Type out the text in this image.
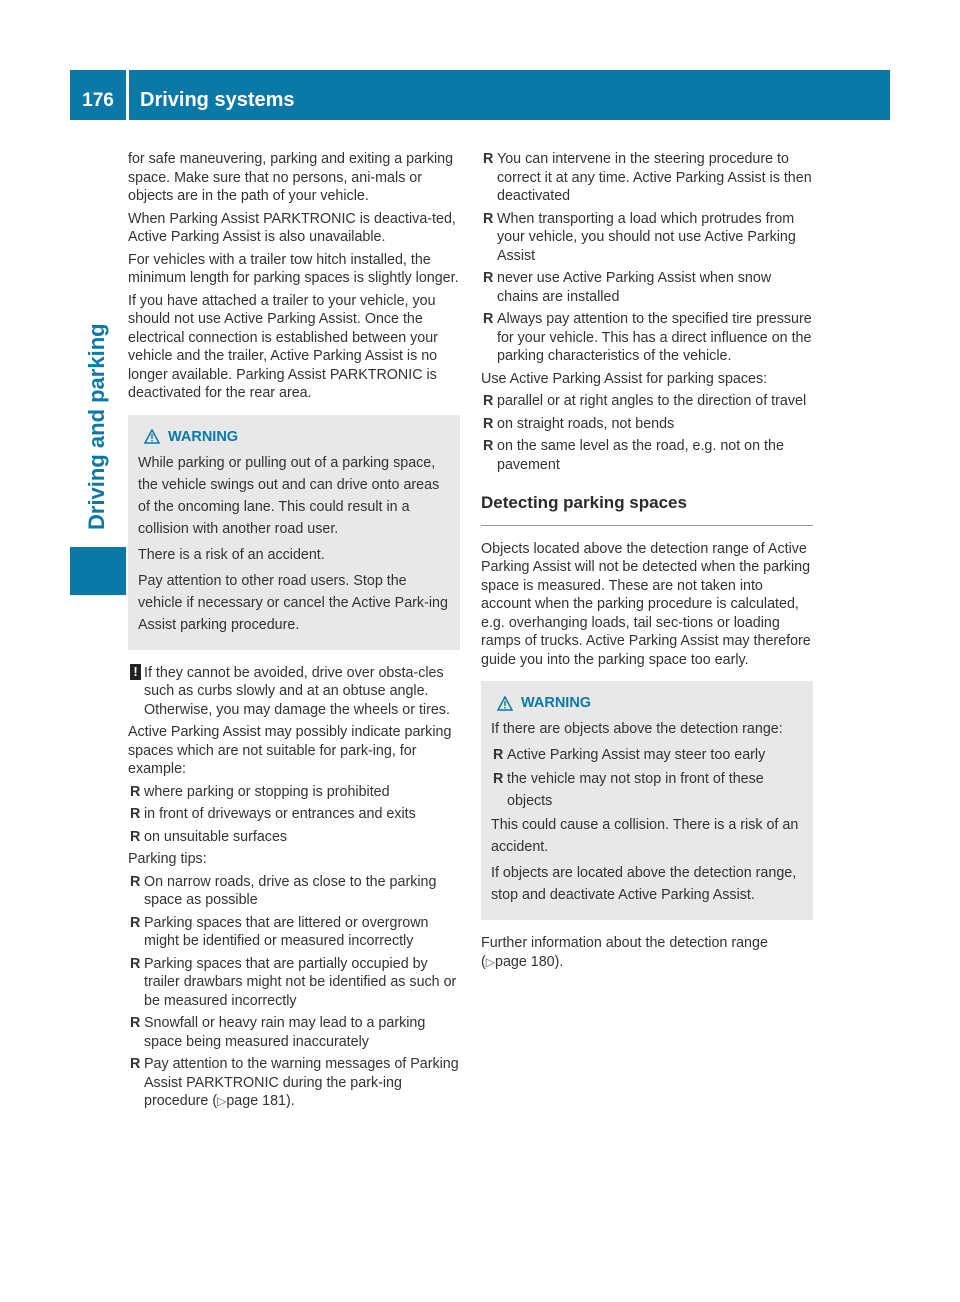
176	Driving systems
Driving and parking

for safe maneuvering, parking and exiting a parking space. Make sure that no persons, ani-mals or objects are in the path of your vehicle.

When Parking Assist PARKTRONIC is deactiva-ted, Active Parking Assist is also unavailable.

For vehicles with a trailer tow hitch installed, the minimum length for parking spaces is slightly longer.

If you have attached a trailer to your vehicle, you should not use Active Parking Assist. Once the electrical connection is established between your vehicle and the trailer, Active Parking Assist is no longer available. Parking Assist PARKTRONIC is deactivated for the rear area.

WARNING

While parking or pulling out of a parking space, the vehicle swings out and can drive onto areas of the oncoming lane. This could result in a collision with another road user.

There is a risk of an accident.

Pay attention to other road users. Stop the vehicle if necessary or cancel the Active Park-ing Assist parking procedure.

! If they cannot be avoided, drive over obsta-cles such as curbs slowly and at an obtuse angle. Otherwise, you may damage the wheels or tires.

Active Parking Assist may possibly indicate parking spaces which are not suitable for park-ing, for example:

R where parking or stopping is prohibited
R in front of driveways or entrances and exits
R on unsuitable surfaces

Parking tips:

R On narrow roads, drive as close to the parking space as possible
R Parking spaces that are littered or overgrown might be identified or measured incorrectly
R Parking spaces that are partially occupied by trailer drawbars might not be identified as such or be measured incorrectly
R Snowfall or heavy rain may lead to a parking space being measured inaccurately
R Pay attention to the warning messages of Parking Assist PARKTRONIC during the park-ing procedure (▷page 181).
R You can intervene in the steering procedure to correct it at any time. Active Parking Assist is then deactivated
R When transporting a load which protrudes from your vehicle, you should not use Active Parking Assist
R never use Active Parking Assist when snow chains are installed
R Always pay attention to the specified tire pressure for your vehicle. This has a direct influence on the parking characteristics of the vehicle.

Use Active Parking Assist for parking spaces:

R parallel or at right angles to the direction of travel
R on straight roads, not bends
R on the same level as the road, e.g. not on the pavement
Detecting parking spaces

Objects located above the detection range of Active Parking Assist will not be detected when the parking space is measured. These are not taken into account when the parking procedure is calculated, e.g. overhanging loads, tail sec-tions or loading ramps of trucks. Active Parking Assist may therefore guide you into the parking space too early.

WARNING

If there are objects above the detection range:

R Active Parking Assist may steer too early
R the vehicle may not stop in front of these objects

This could cause a collision. There is a risk of an accident.

If objects are located above the detection range, stop and deactivate Active Parking Assist.

Further information about the detection range (▷page 180).
